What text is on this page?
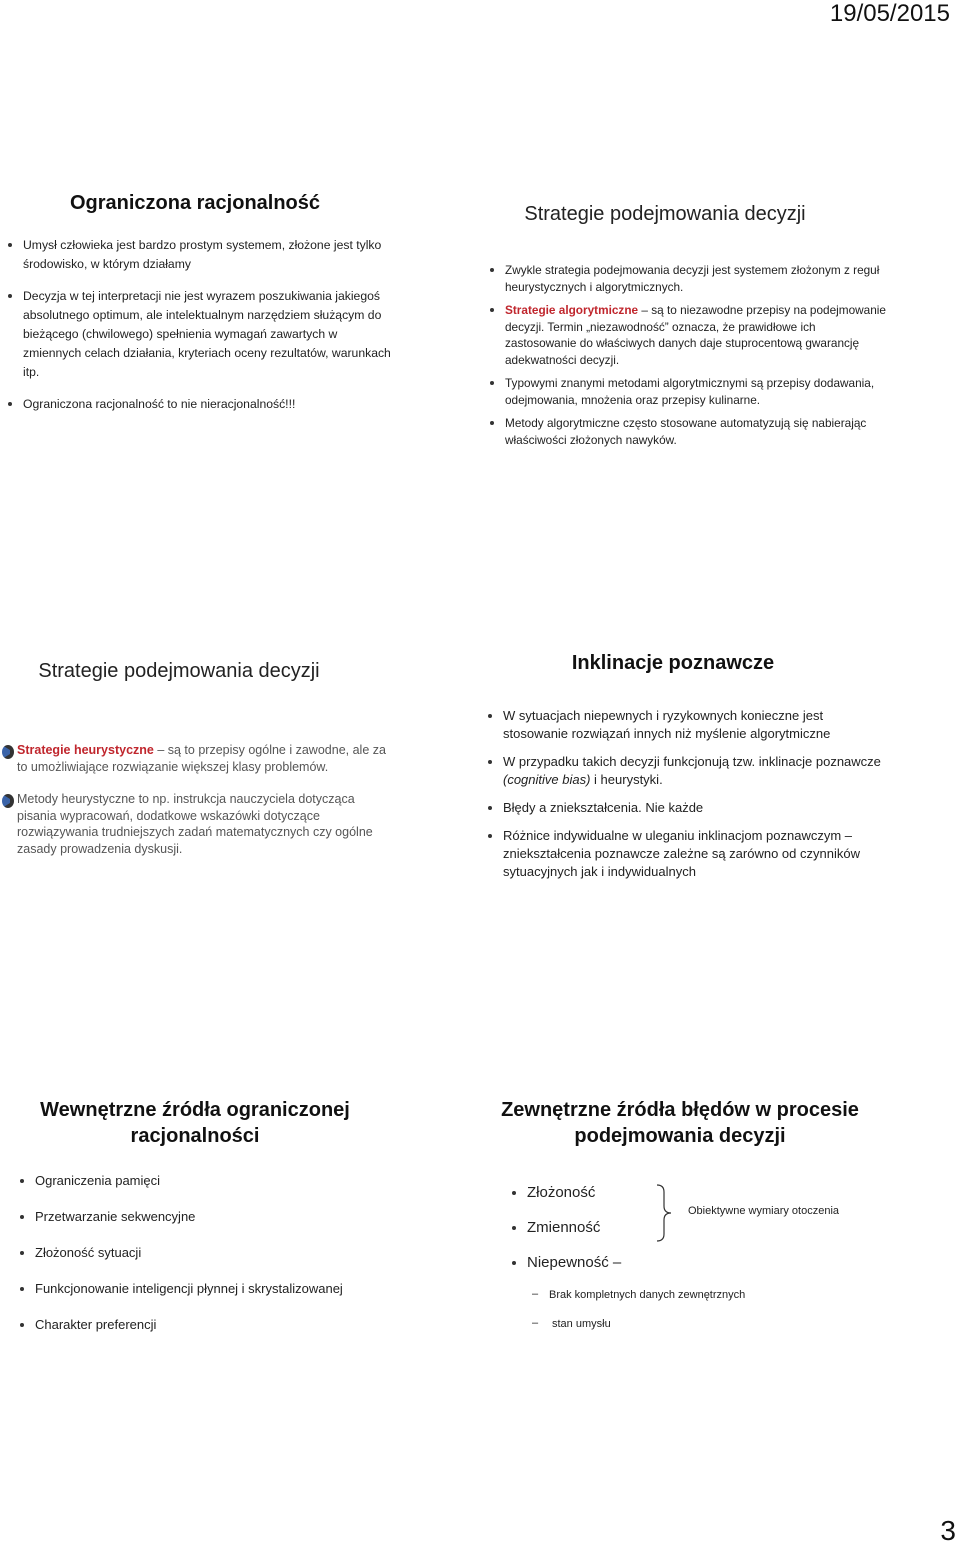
19/05/2015
Ograniczona racjonalność
Umysł człowieka jest bardzo prostym systemem, złożone jest tylko środowisko, w którym działamy
Decyzja w tej interpretacji nie jest wyrazem poszukiwania jakiegoś absolutnego optimum, ale intelektualnym narzędziem służącym do bieżącego (chwilowego) spełnienia wymagań zawartych w zmiennych celach działania, kryteriach oceny rezultatów, warunkach itp.
Ograniczona racjonalność to nie nieracjonalność!!!
Strategie podejmowania decyzji
Zwykle strategia podejmowania decyzji jest systemem złożonym z reguł heurystycznych i algorytmicznych.
Strategie algorytmiczne – są to niezawodne przepisy na podejmowanie decyzji. Termin „niezawodność” oznacza, że prawidłowe ich zastosowanie do właściwych danych daje stuprocentową gwarancję adekwatności decyzji.
Typowymi znanymi metodami algorytmicznymi są przepisy dodawania, odejmowania, mnożenia oraz przepisy kulinarne.
Metody algorytmiczne często stosowane automatyzują się nabierając właściwości złożonych nawyków.
Strategie podejmowania decyzji
Strategie heurystyczne – są to przepisy ogólne i zawodne, ale za to umożliwiające rozwiązanie większej klasy problemów.
Metody heurystyczne to np. instrukcja nauczyciela dotycząca pisania wypracowań, dodatkowe wskazówki dotyczące rozwiązywania trudniejszych zadań matematycznych czy ogólne zasady prowadzenia dyskusji.
Inklinacje poznawcze
W sytuacjach niepewnych i ryzykownych konieczne jest stosowanie rozwiązań innych niż myślenie algorytmiczne
W przypadku takich decyzji funkcjonują tzw. inklinacje poznawcze (cognitive bias) i heurystyki.
Błędy a zniekształcenia. Nie każde
Różnice indywidualne w uleganiu inklinacjom poznawczym – zniekształcenia poznawcze zależne są zarówno od czynników sytuacyjnych jak i indywidualnych
Wewnętrzne źródła ograniczonej
racjonalności
Ograniczenia pamięci
Przetwarzanie sekwencyjne
Złożoność sytuacji
Funkcjonowanie inteligencji płynnej i skrystalizowanej
Charakter preferencji
Zewnętrzne źródła błędów w procesie
podejmowania decyzji
Złożoność
Zmienność
Niepewność –
Obiektywne wymiary otoczenia
– Brak kompletnych danych zewnętrznych
– stan umysłu
3
